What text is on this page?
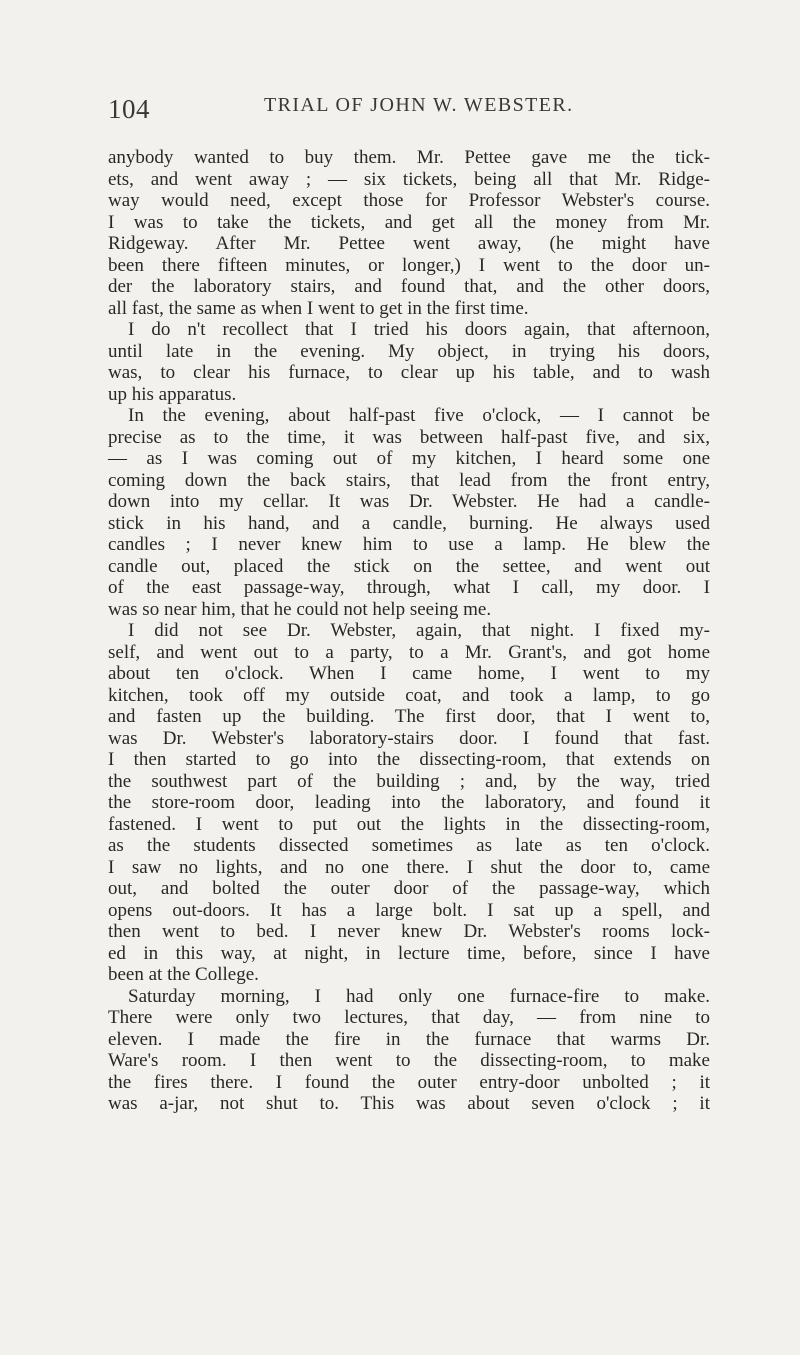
104	TRIAL OF JOHN W. WEBSTER.
anybody wanted to buy them. Mr. Pettee gave me the tick-
ets, and went away ; — six tickets, being all that Mr. Ridge-
way would need, except those for Professor Webster's course.
I was to take the tickets, and get all the money from Mr.
Ridgeway. After Mr. Pettee went away, (he might have
been there fifteen minutes, or longer,) I went to the door un-
der the laboratory stairs, and found that, and the other doors,
all fast, the same as when I went to get in the first time.
I do n't recollect that I tried his doors again, that afternoon,
until late in the evening. My object, in trying his doors,
was, to clear his furnace, to clear up his table, and to wash
up his apparatus.
In the evening, about half-past five o'clock, — I cannot be
precise as to the time, it was between half-past five, and six,
— as I was coming out of my kitchen, I heard some one
coming down the back stairs, that lead from the front entry,
down into my cellar. It was Dr. Webster. He had a candle-
stick in his hand, and a candle, burning. He always used
candles ; I never knew him to use a lamp. He blew the
candle out, placed the stick on the settee, and went out
of the east passage-way, through, what I call, my door. I
was so near him, that he could not help seeing me.
I did not see Dr. Webster, again, that night. I fixed my-
self, and went out to a party, to a Mr. Grant's, and got home
about ten o'clock. When I came home, I went to my
kitchen, took off my outside coat, and took a lamp, to go
and fasten up the building. The first door, that I went to,
was Dr. Webster's laboratory-stairs door. I found that fast.
I then started to go into the dissecting-room, that extends on
the southwest part of the building ; and, by the way, tried
the store-room door, leading into the laboratory, and found it
fastened. I went to put out the lights in the dissecting-room,
as the students dissected sometimes as late as ten o'clock.
I saw no lights, and no one there. I shut the door to, came
out, and bolted the outer door of the passage-way, which
opens out-doors. It has a large bolt. I sat up a spell, and
then went to bed. I never knew Dr. Webster's rooms lock-
ed in this way, at night, in lecture time, before, since I have
been at the College.
Saturday morning, I had only one furnace-fire to make.
There were only two lectures, that day, — from nine to
eleven. I made the fire in the furnace that warms Dr.
Ware's room. I then went to the dissecting-room, to make
the fires there. I found the outer entry-door unbolted ; it
was a-jar, not shut to. This was about seven o'clock ; it
